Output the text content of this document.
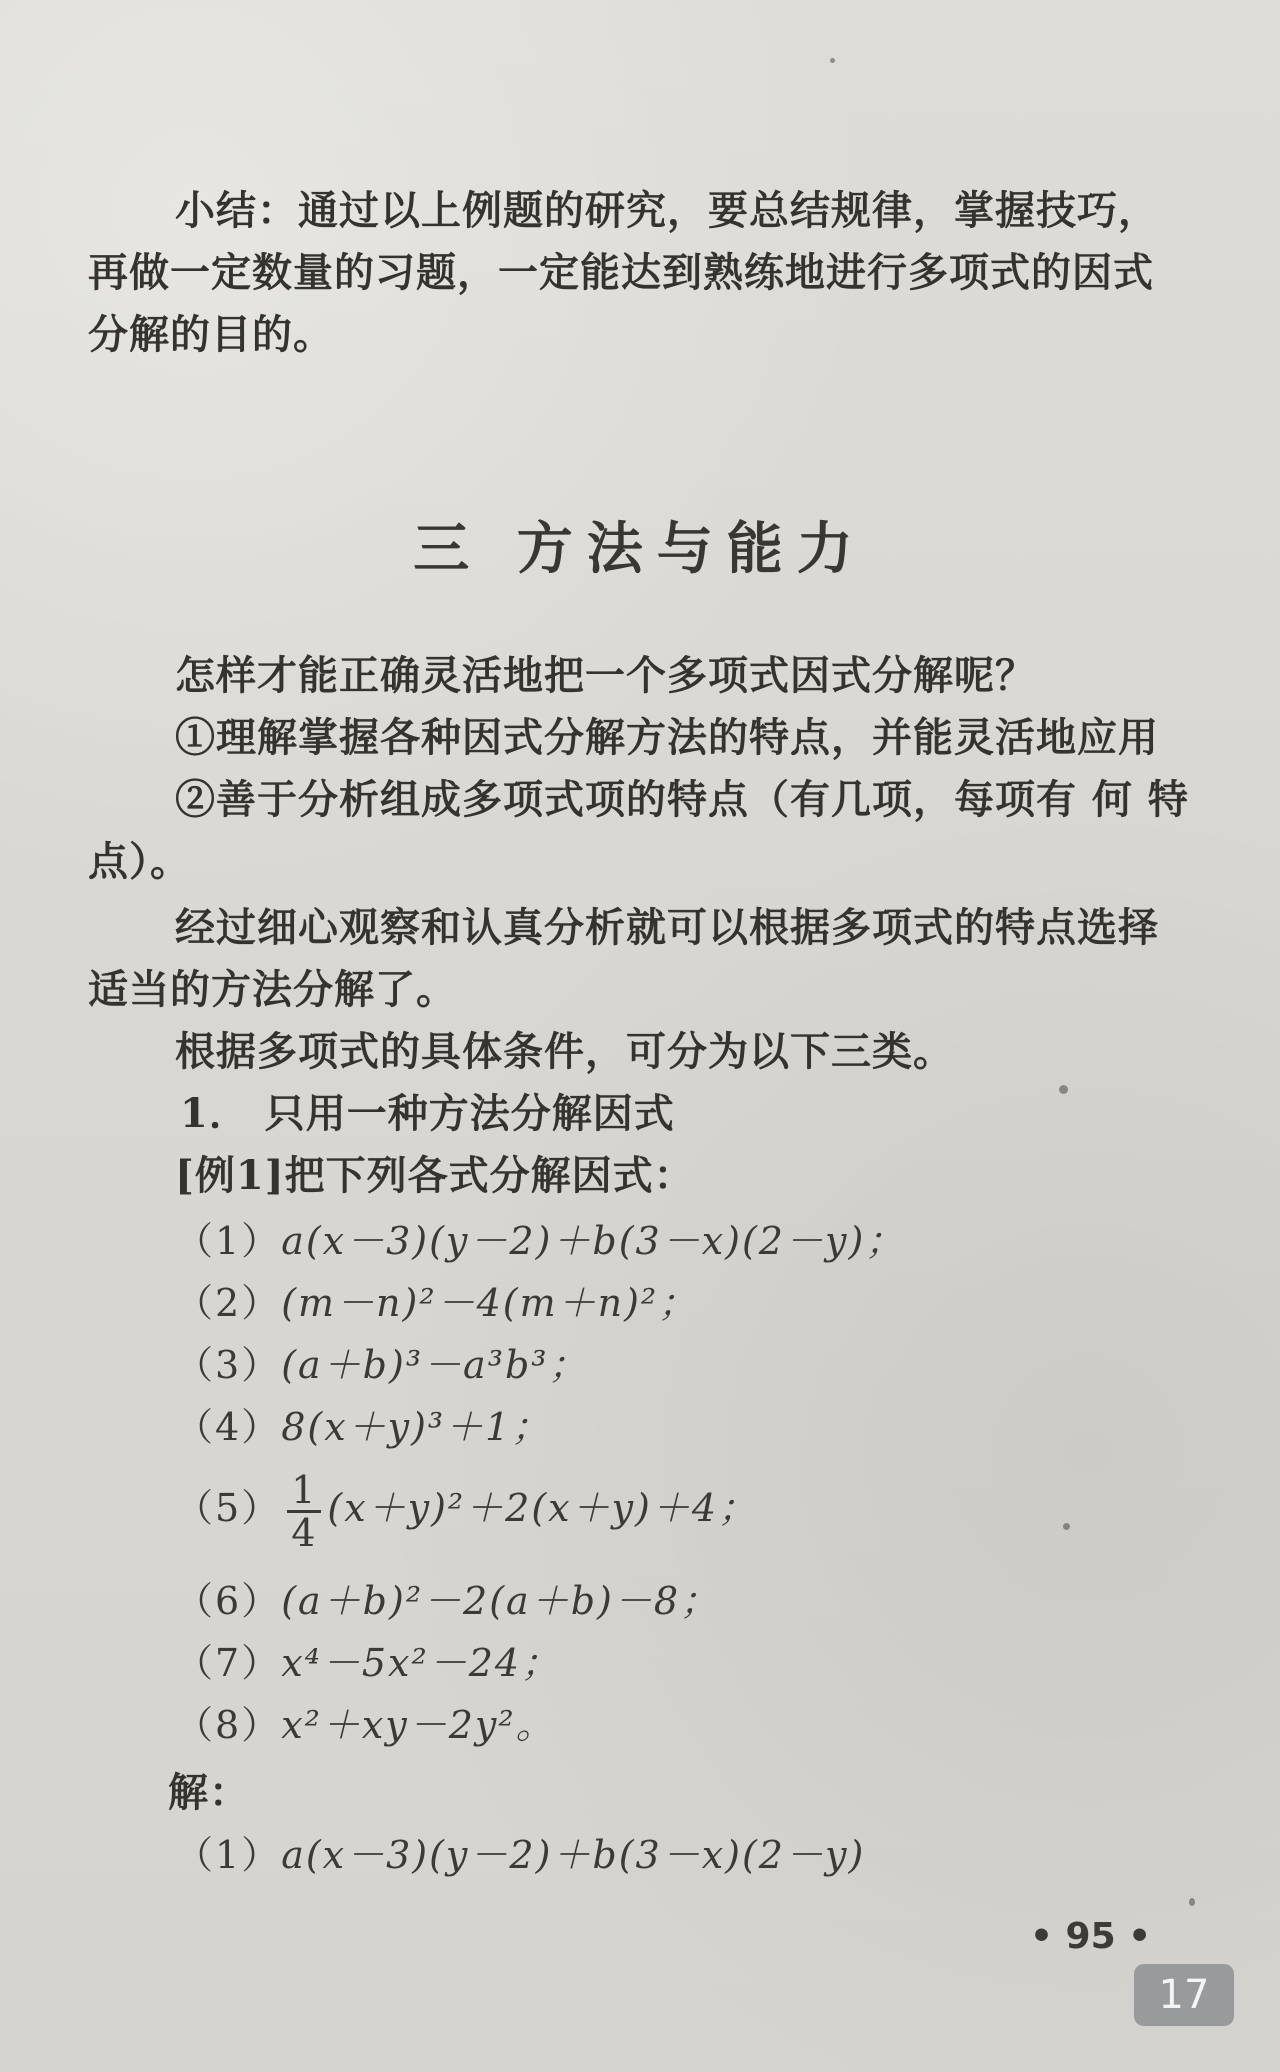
小结：通过以上例题的研究，要总结规律，掌握技巧，

再做一定数量的习题，一定能达到熟练地进行多项式的因式

分解的目的。

三 方法与能力

怎样才能正确灵活地把一个多项式因式分解呢？

①理解掌握各种因式分解方法的特点，并能灵活地应用

②善于分析组成多项式项的特点（有几项，每项有 何 特

点）。

经过细心观察和认真分析就可以根据多项式的特点选择

适当的方法分解了。

根据多项式的具体条件，可分为以下三类。

1． 只用一种方法分解因式

[例1]把下列各式分解因式：

（1）a(x－3)(y－2)＋b(3－x)(2－y)；

（2）(m－n)²－4(m＋n)²；

（3）(a＋b)³－a³b³；

（4）8(x＋y)³＋1；

$(5) \frac{1}{4} (x+y)^2+2(x+y)+4$；

（6）(a＋b)²－2(a＋b)－8；

（7）x⁴－5x²－24；

（8）x²＋xy－2y²。

解：

（1）a(x－3)(y－2)＋b(3－x)(2－y)

• 95 •
17
